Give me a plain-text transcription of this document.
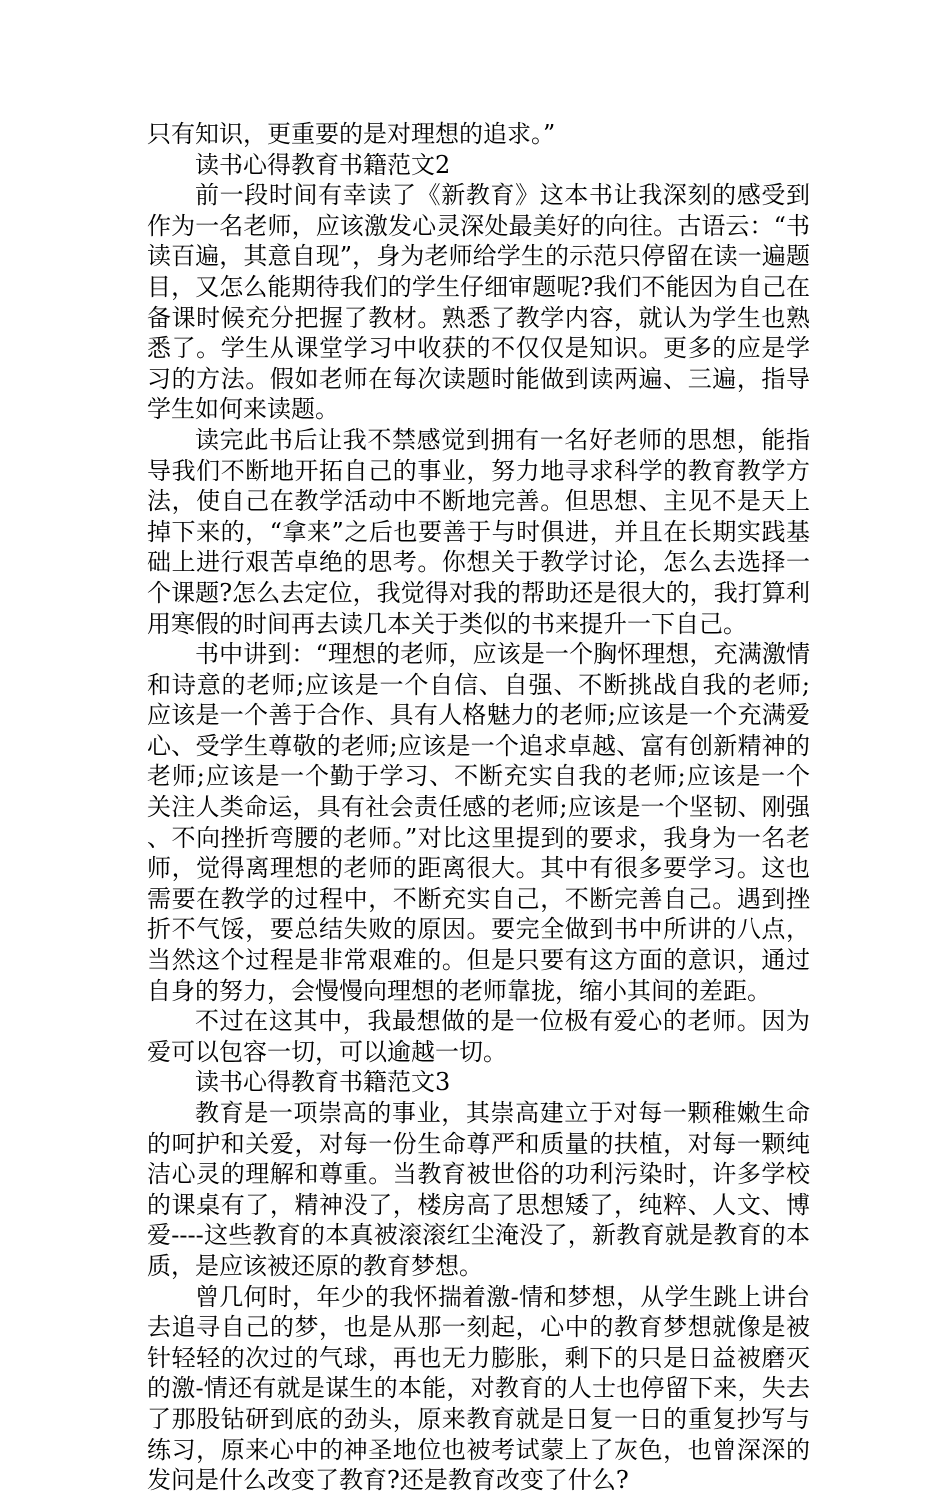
只有知识，更重要的是对理想的追求。”

读书心得教育书籍范文2

前一段时间有幸读了《新教育》这本书让我深刻的感受到作为一名老师，应该激发心灵深处最美好的向往。古语云：“书读百遍，其意自现”，身为老师给学生的示范只停留在读一遍题目，又怎么能期待我们的学生仔细审题呢?我们不能因为自己在备课时候充分把握了教材。熟悉了教学内容，就认为学生也熟悉了。学生从课堂学习中收获的不仅仅是知识。更多的应是学习的方法。假如老师在每次读题时能做到读两遍、三遍，指导学生如何来读题。

读完此书后让我不禁感觉到拥有一名好老师的思想，能指导我们不断地开拓自己的事业，努力地寻求科学的教育教学方法，使自己在教学活动中不断地完善。但思想、主见不是天上掉下来的，“拿来”之后也要善于与时俱进，并且在长期实践基础上进行艰苦卓绝的思考。你想关于教学讨论，怎么去选择一个课题?怎么去定位，我觉得对我的帮助还是很大的，我打算利用寒假的时间再去读几本关于类似的书来提升一下自己。

书中讲到：“理想的老师，应该是一个胸怀理想，充满激情和诗意的老师;应该是一个自信、自强、不断挑战自我的老师;应该是一个善于合作、具有人格魅力的老师;应该是一个充满爱心、受学生尊敬的老师;应该是一个追求卓越、富有创新精神的老师;应该是一个勤于学习、不断充实自我的老师;应该是一个关注人类命运，具有社会责任感的老师;应该是一个坚韧、刚强、不向挫折弯腰的老师。”对比这里提到的要求，我身为一名老师，觉得离理想的老师的距离很大。其中有很多要学习。这也需要在教学的过程中，不断充实自己，不断完善自己。遇到挫折不气馁，要总结失败的原因。要完全做到书中所讲的八点，当然这个过程是非常艰难的。但是只要有这方面的意识，通过自身的努力，会慢慢向理想的老师靠拢，缩小其间的差距。

不过在这其中，我最想做的是一位极有爱心的老师。因为爱可以包容一切，可以逾越一切。

读书心得教育书籍范文3

教育是一项崇高的事业，其崇高建立于对每一颗稚嫩生命的呵护和关爱，对每一份生命尊严和质量的扶植，对每一颗纯洁心灵的理解和尊重。当教育被世俗的功利污染时，许多学校的课桌有了，精神没了，楼房高了思想矮了，纯粹、人文、博爱----这些教育的本真被滚滚红尘淹没了，新教育就是教育的本质，是应该被还原的教育梦想。

曾几何时，年少的我怀揣着激-情和梦想，从学生跳上讲台去追寻自己的梦，也是从那一刻起，心中的教育梦想就像是被针轻轻的次过的气球，再也无力膨胀，剩下的只是日益被磨灭的激-情还有就是谋生的本能，对教育的人士也停留下来，失去了那股钻研到底的劲头，原来教育就是日复一日的重复抄写与练习，原来心中的神圣地位也被考试蒙上了灰色，也曾深深的发问是什么改变了教育?还是教育改变了什么?
